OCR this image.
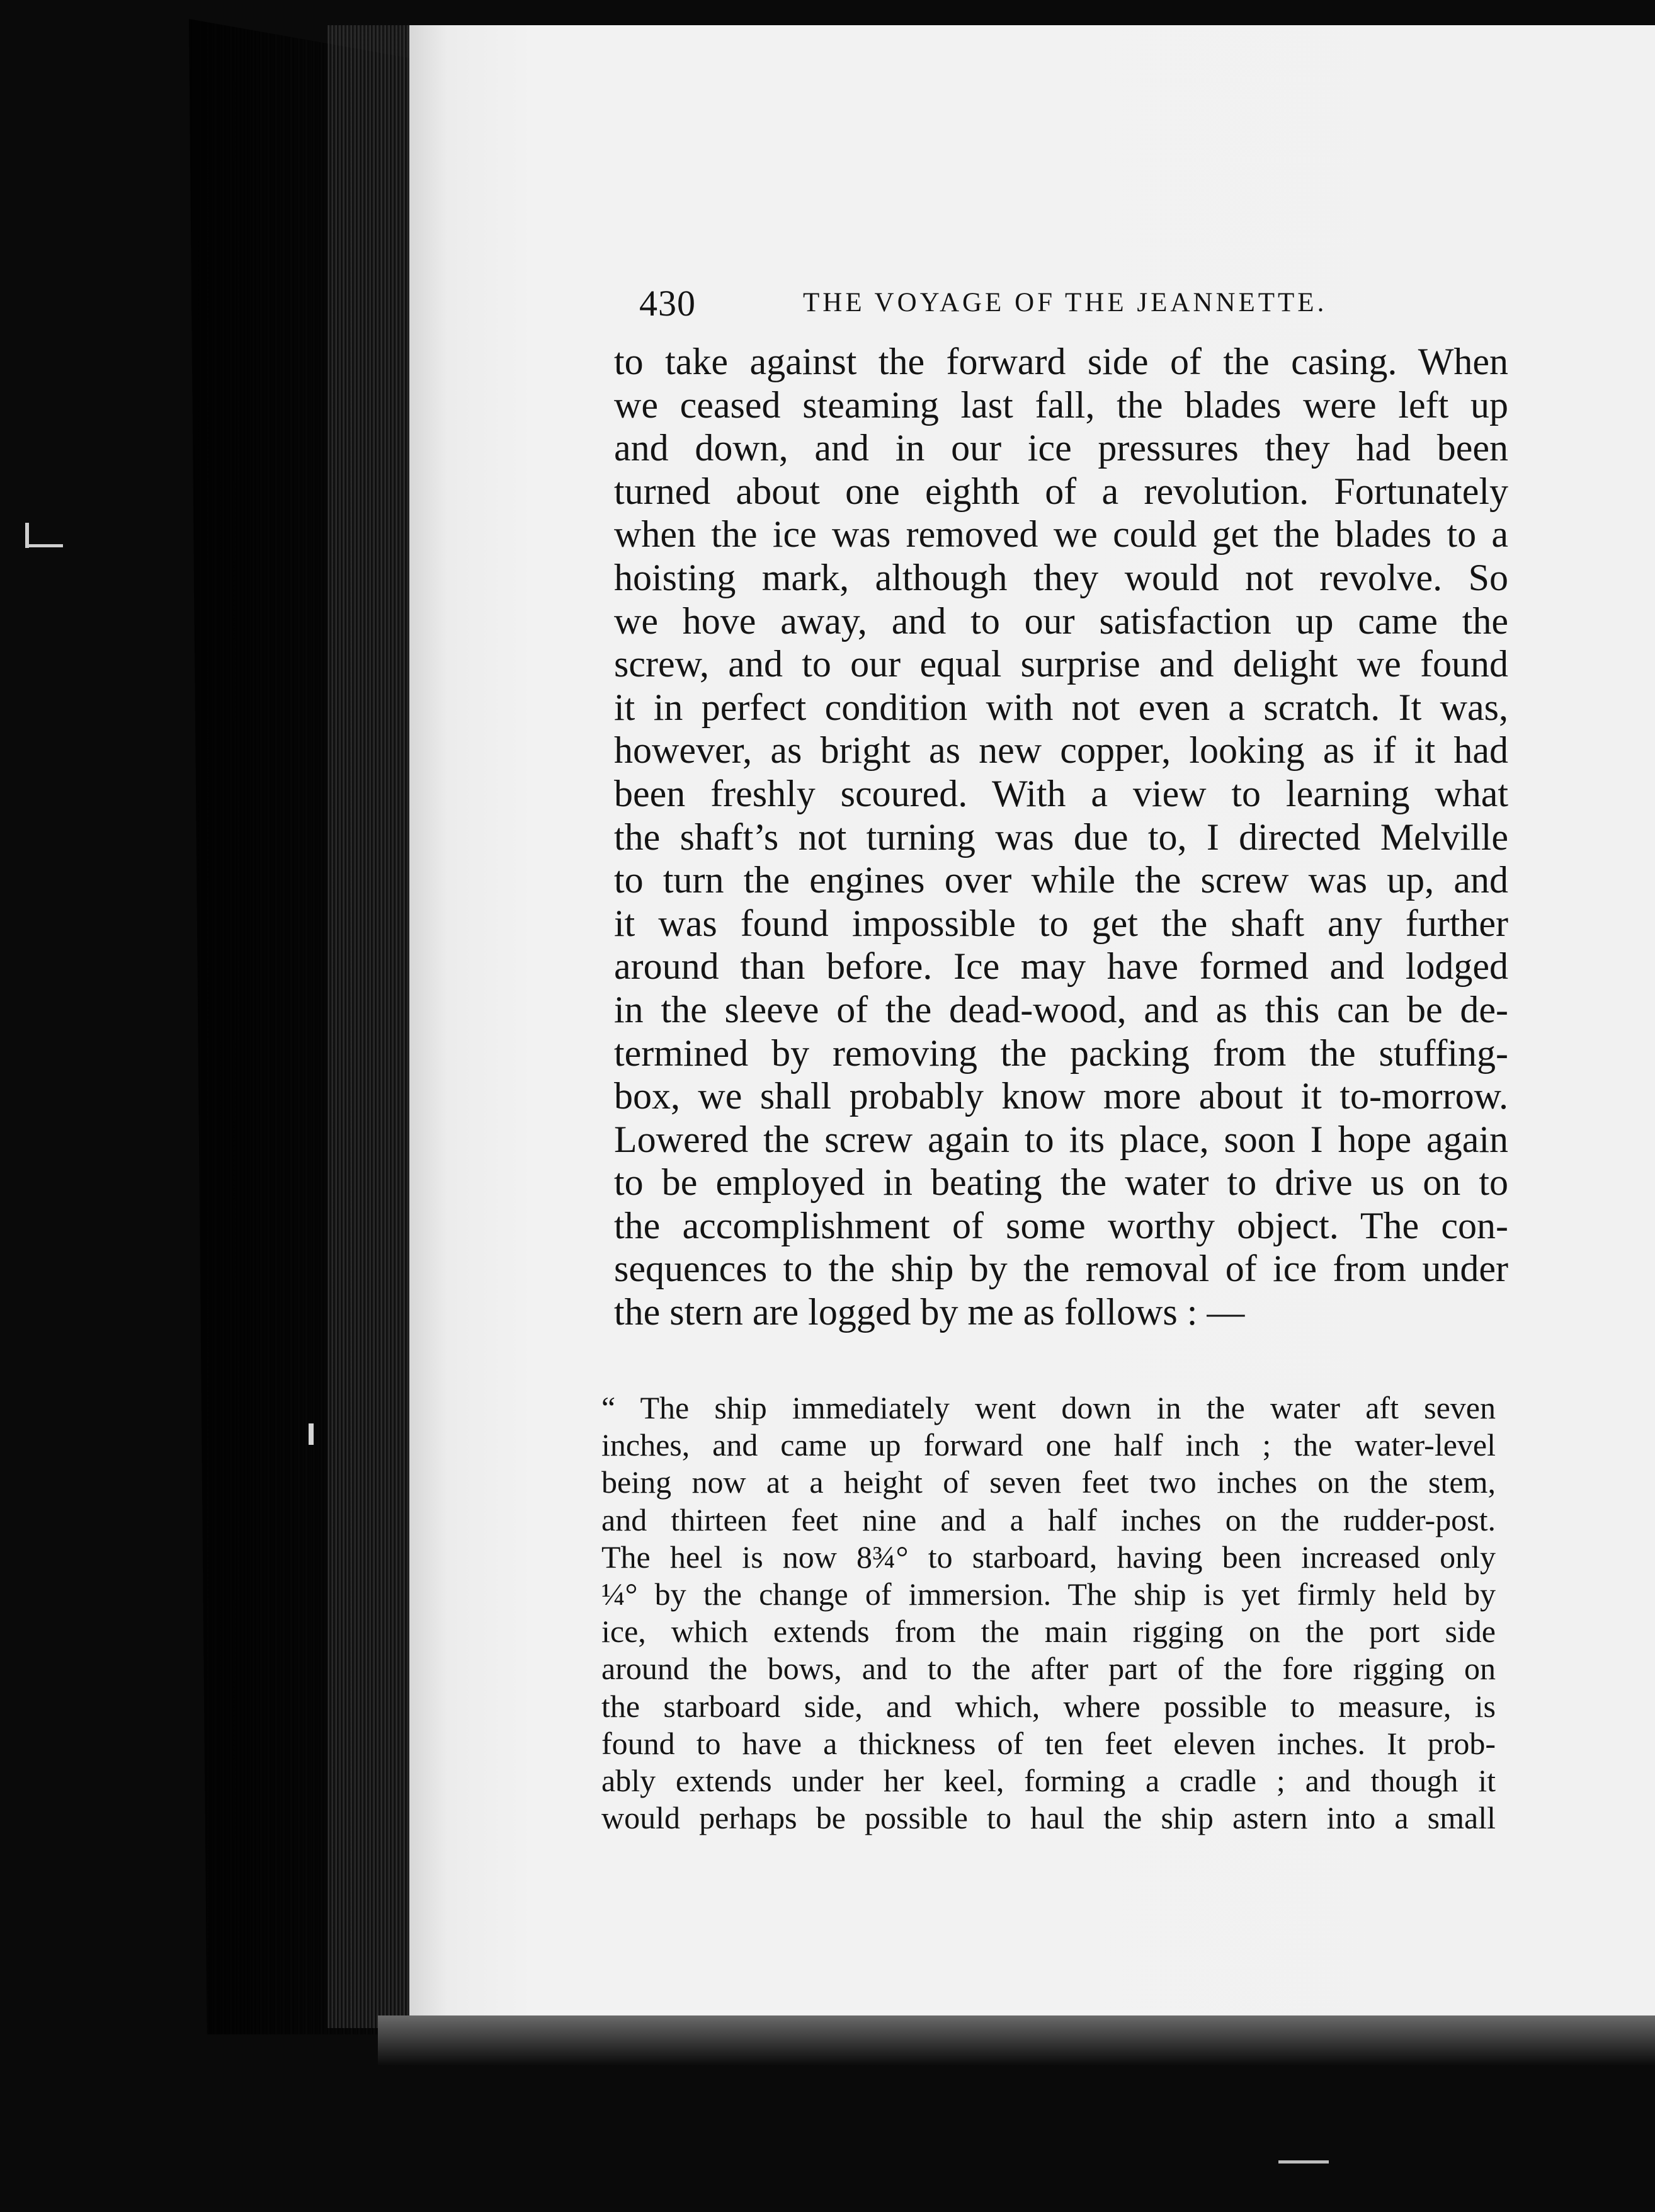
430	THE VOYAGE OF THE JEANNETTE.
to take against the forward side of the casing. When
we ceased steaming last fall, the blades were left up
and down, and in our ice pressures they had been
turned about one eighth of a revolution. Fortunately
when the ice was removed we could get the blades to a
hoisting mark, although they would not revolve. So
we hove away, and to our satisfaction up came the
screw, and to our equal surprise and delight we found
it in perfect condition with not even a scratch. It was,
however, as bright as new copper, looking as if it had
been freshly scoured. With a view to learning what
the shaft’s not turning was due to, I directed Melville
to turn the engines over while the screw was up, and
it was found impossible to get the shaft any further
around than before. Ice may have formed and lodged
in the sleeve of the dead-wood, and as this can be de-
termined by removing the packing from the stuffing-
box, we shall probably know more about it to-morrow.
Lowered the screw again to its place, soon I hope again
to be employed in beating the water to drive us on to
the accomplishment of some worthy object. The con-
sequences to the ship by the removal of ice from under
the stern are logged by me as follows : —
“ The ship immediately went down in the water aft seven
inches, and came up forward one half inch ; the water-level
being now at a height of seven feet two inches on the stem,
and thirteen feet nine and a half inches on the rudder-post.
The heel is now 8¾° to starboard, having been increased only
¼° by the change of immersion. The ship is yet firmly held by
ice, which extends from the main rigging on the port side
around the bows, and to the after part of the fore rigging on
the starboard side, and which, where possible to measure, is
found to have a thickness of ten feet eleven inches. It prob-
ably extends under her keel, forming a cradle ; and though it
would perhaps be possible to haul the ship astern into a small
